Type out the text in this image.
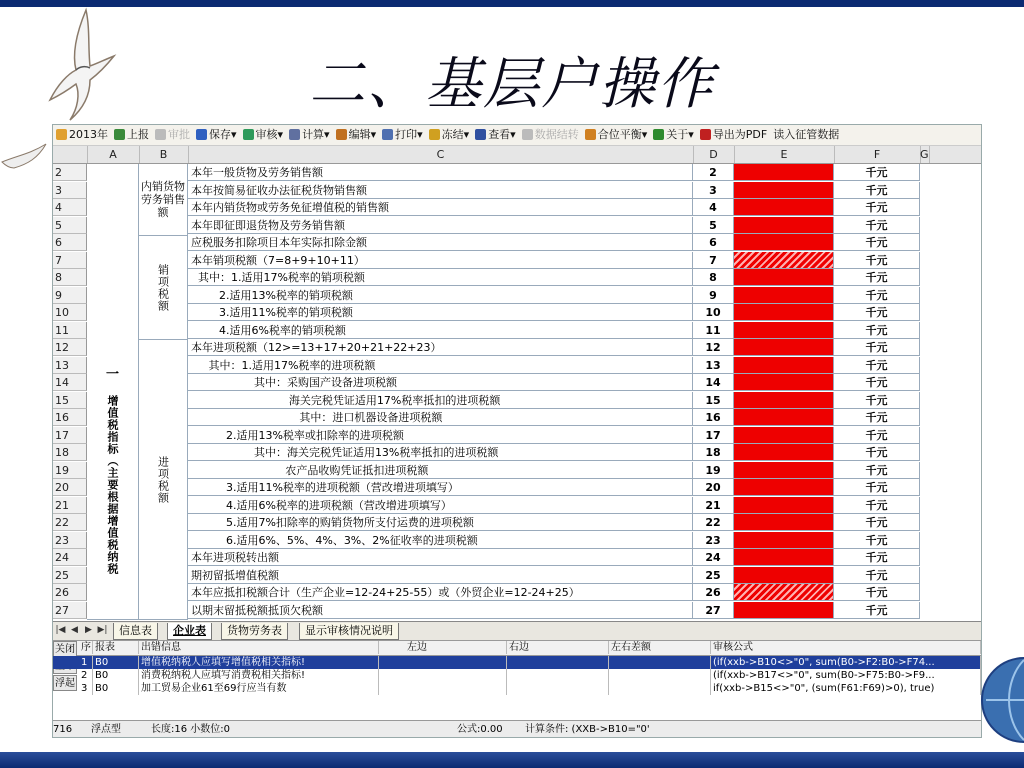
二、基层户操作
2013年 上报 审批 保存▾ 审核▾ 计算▾ 编辑▾ 打印▾ 冻结▾ 查看▾ 数据结转 合位平衡▾ 关于▾ 导出为PDF 读入征管数据
A	B	C	D	E	F	G
一
增值税指标（主要根据增值税纳税
内销货物劳务销售额
销项税额
进项税额
2	本年一般货物及劳务销售额	2	千元
3	本年按简易征收办法征税货物销售额	3	千元
4	本年内销货物或劳务免征增值税的销售额	4	千元
5	本年即征即退货物及劳务销售额	5	千元
6	应税服务扣除项目本年实际扣除金额	6	千元
7	本年销项税额（7=8+9+10+11）	7	千元
8	其中：1.适用17%税率的销项税额	8	千元
9	2.适用13%税率的销项税额	9	千元
10	3.适用11%税率的销项税额	10	千元
11	4.适用6%税率的销项税额	11	千元
12	本年进项税额（12>=13+17+20+21+22+23）	12	千元
13	其中：1.适用17%税率的进项税额	13	千元
14	其中：采购国产设备进项税额	14	千元
15	海关完税凭证适用17%税率抵扣的进项税额	15	千元
16	其中：进口机器设备进项税额	16	千元
17	2.适用13%税率或扣除率的进项税额	17	千元
18	其中：海关完税凭证适用13%税率抵扣的进项税额	18	千元
19	农产品收购凭证抵扣进项税额	19	千元
20	3.适用11%税率的进项税额（营改增进项填写）	20	千元
21	4.适用6%税率的进项税额（营改增进项填写）	21	千元
22	5.适用7%扣除率的购销货物所支付运费的进项税额	22	千元
23	6.适用6%、5%、4%、3%、2%征收率的进项税额	23	千元
24	本年进项税转出额	24	千元
25	期初留抵增值税额	25	千元
26	本年应抵扣税额合计（生产企业=12-24+25-55）或（外贸企业=12-24+25）	26	千元
27	以期末留抵税额抵顶欠税额	27	千元
|◀ ◀ ▶ ▶|	信息表	企业表	货物劳务表	显示审核情况说明
序 报表	出错信息	左边	右边	左右差额	审核公式
关闭
浮起
1 B0	增值税纳税人应填写增值税相关指标!	(if(xxb->B10<>"0", sum(B0->F2:B0->F74...
2 B0	消费税纳税人应填写消费税相关指标!	(if(xxb->B17<>"0", sum(B0->F75:B0->F9...
3 B0	加工贸易企业61至69行应当有数	if(xxb->B15<>"0", (sum(F61:F69)>0), true)
716 浮点型	长度:16 小数位:0	公式:0.00 计算条件: (XXB->B10="0'
